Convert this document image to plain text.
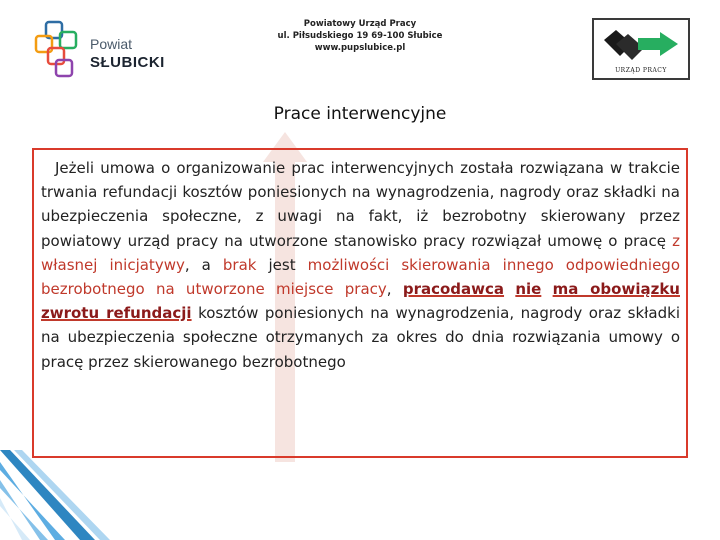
Powiat
SŁUBICKI
Powiatowy Urząd Pracy
ul. Piłsudskiego 19 69-100 Słubice
www.pupslubice.pl
URZĄD PRACY
Prace interwencyjne
Jeżeli umowa o organizowanie prac interwencyjnych została rozwiązana w trakcie trwania refundacji kosztów poniesionych na wynagrodzenia, nagrody oraz składki na ubezpieczenia społeczne, z uwagi na fakt, iż bezrobotny skierowany przez powiatowy urząd pracy na utworzone stanowisko pracy rozwiązał umowę o pracę z własnej inicjatywy, a brak jest możliwości skierowania innego odpowiedniego bezrobotnego na utworzone miejsce pracy, pracodawca nie ma obowiązku zwrotu refundacji kosztów poniesionych na wynagrodzenia, nagrody oraz składki na ubezpieczenia społeczne otrzymanych za okres do dnia rozwiązania umowy o pracę przez skierowanego bezrobotnego
